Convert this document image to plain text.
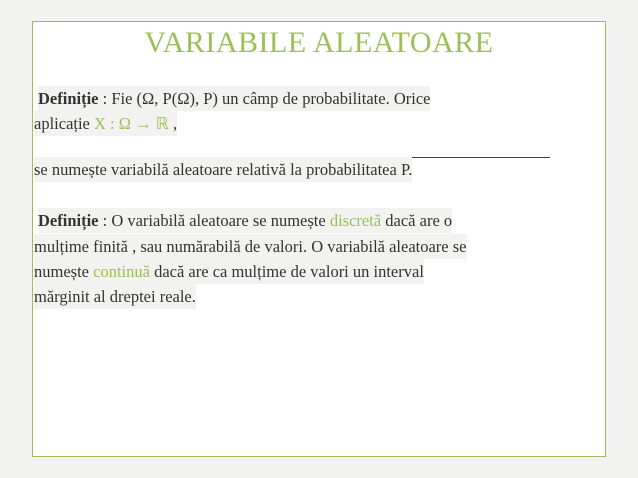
VARIABILE ALEATOARE
Definiție : Fie (Ω, P(Ω), P) un câmp de probabilitate. Orice
aplicație X : Ω → ℝ ,
se numește variabilă aleatoare relativă la probabilitatea P.
Definiție : O variabilă aleatoare se numește discretă dacă are o
mulțime finită , sau numărabilă de valori. O variabilă aleatoare se
numește continuă dacă are ca mulțime de valori un interval
mărginit al dreptei reale.
